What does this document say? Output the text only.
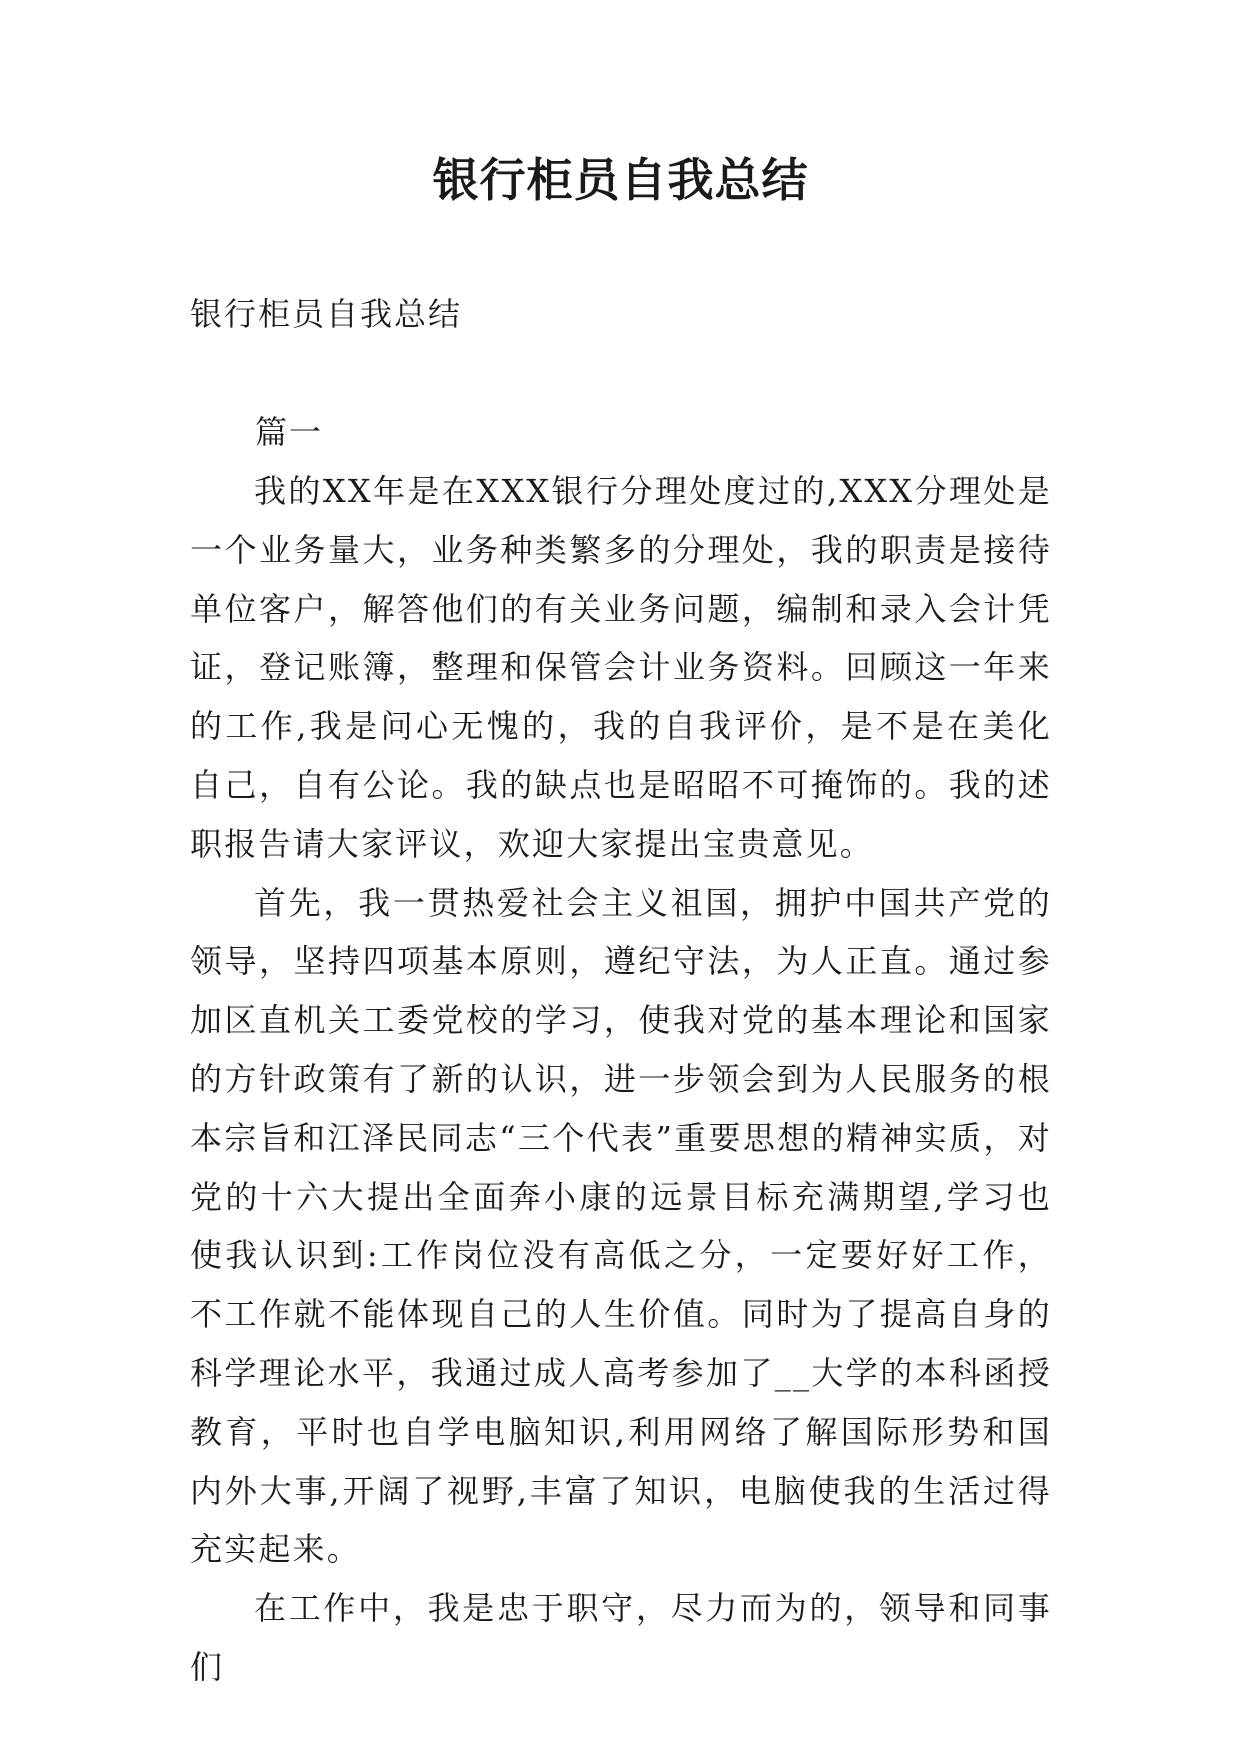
银行柜员自我总结
银行柜员自我总结
篇一

我的XX年是在XXX银行分理处度过的,XXX分理处是一个业务量大，业务种类繁多的分理处，我的职责是接待单位客户，解答他们的有关业务问题，编制和录入会计凭证，登记账簿，整理和保管会计业务资料。回顾这一年来的工作,我是问心无愧的，我的自我评价，是不是在美化自己，自有公论。我的缺点也是昭昭不可掩饰的。我的述职报告请大家评议，欢迎大家提出宝贵意见。

首先，我一贯热爱社会主义祖国，拥护中国共产党的领导，坚持四项基本原则，遵纪守法，为人正直。通过参加区直机关工委党校的学习，使我对党的基本理论和国家的方针政策有了新的认识，进一步领会到为人民服务的根本宗旨和江泽民同志“三个代表”重要思想的精神实质，对党的十六大提出全面奔小康的远景目标充满期望,学习也使我认识到:工作岗位没有高低之分，一定要好好工作，不工作就不能体现自己的人生价值。同时为了提高自身的科学理论水平，我通过成人高考参加了__大学的本科函授教育，平时也自学电脑知识,利用网络了解国际形势和国内外大事,开阔了视野,丰富了知识，电脑使我的生活过得充实起来。

在工作中，我是忠于职守，尽力而为的，领导和同事们
